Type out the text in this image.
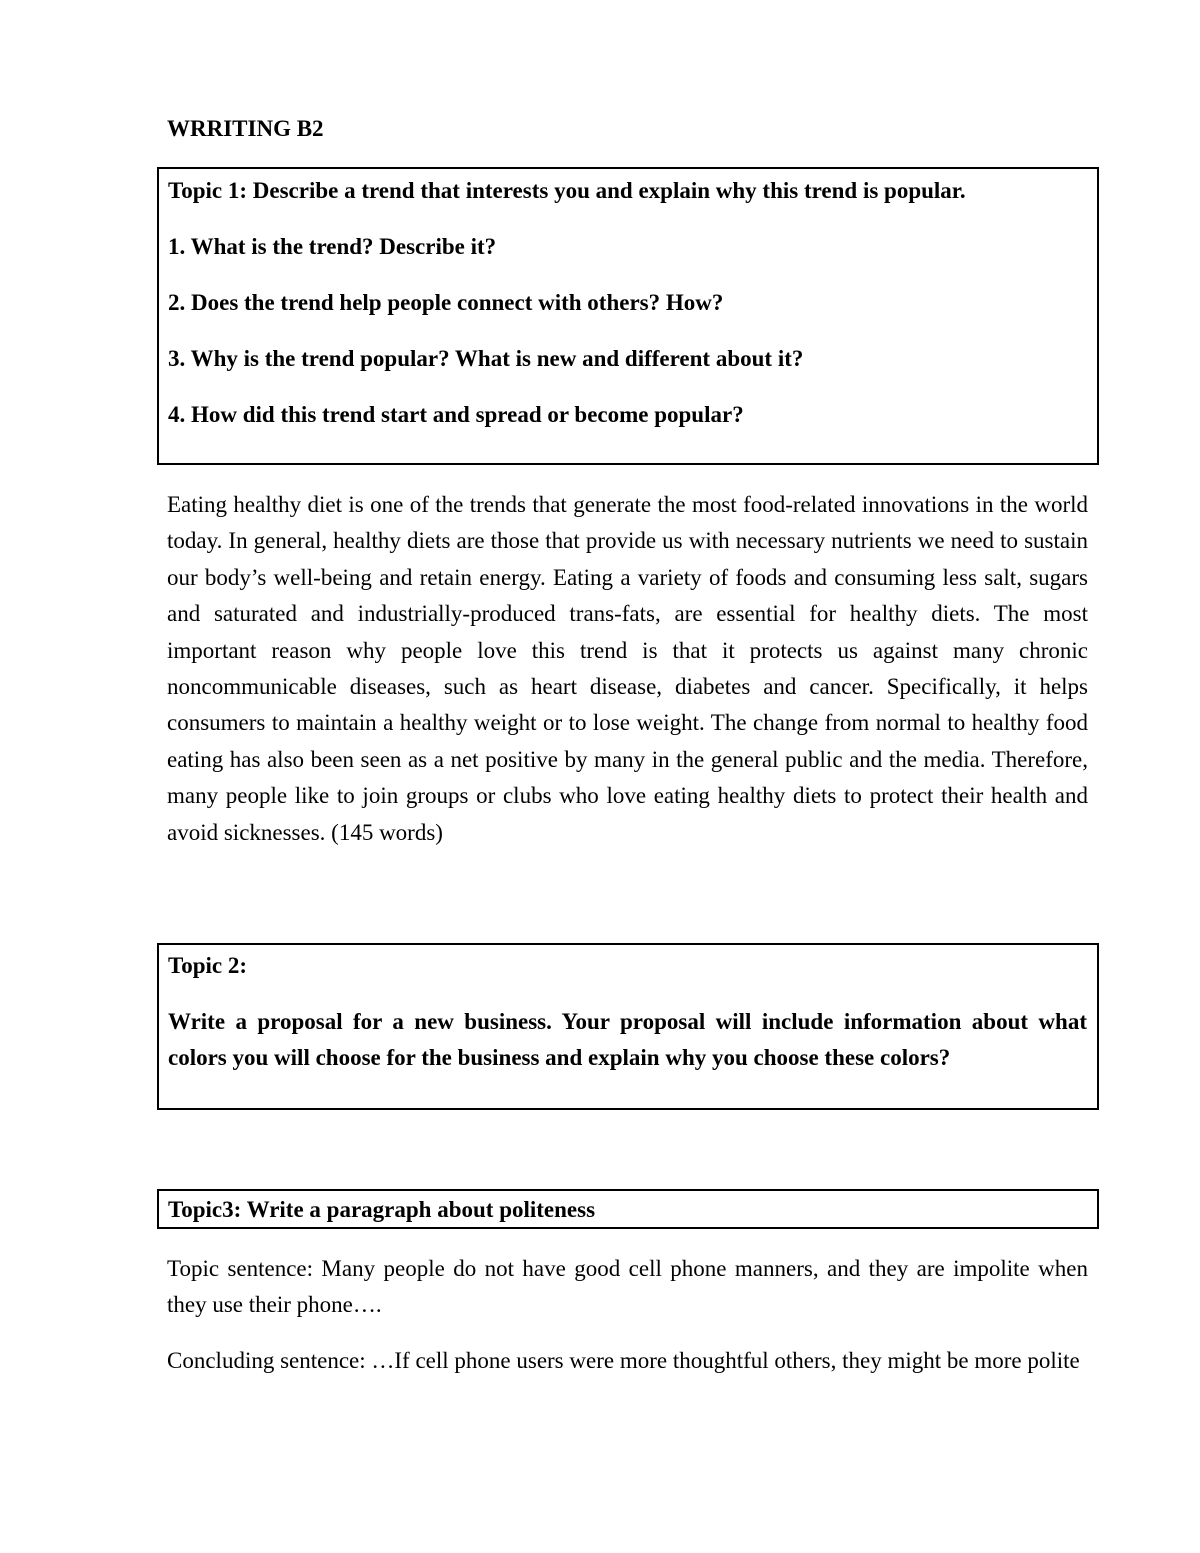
WRRITING B2

Topic 1: Describe a trend that interests you and explain why this trend is popular.

1. What is the trend? Describe it?

2. Does the trend help people connect with others? How?

3. Why is the trend popular? What is new and different about it?

4. How did this trend start and spread or become popular?

Eating healthy diet is one of the trends that generate the most food-related innovations in the world today. In general, healthy diets are those that provide us with necessary nutrients we need to sustain our body’s well-being and retain energy. Eating a variety of foods and consuming less salt, sugars and saturated and industrially-produced trans-fats, are essential for healthy diets. The most important reason why people love this trend is that it protects us against many chronic noncommunicable diseases, such as heart disease, diabetes and cancer. Specifically, it helps consumers to maintain a healthy weight or to lose weight. The change from normal to healthy food eating has also been seen as a net positive by many in the general public and the media. Therefore, many people like to join groups or clubs who love eating healthy diets to protect their health and avoid sicknesses. (145 words)

Topic 2:

Write a proposal for a new business. Your proposal will include information about what colors you will choose for the business and explain why you choose these colors?

Topic3: Write a paragraph about politeness

Topic sentence: Many people do not have good cell phone manners, and they are impolite when they use their phone….

Concluding sentence: …If cell phone users were more thoughtful others, they might be more polite
